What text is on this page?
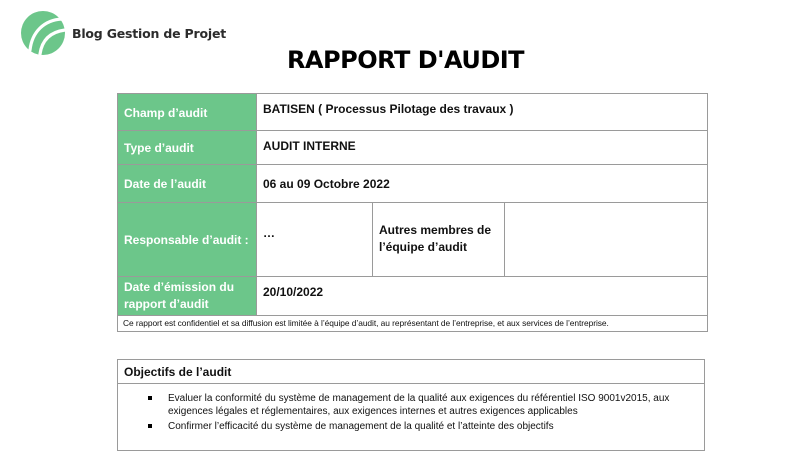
Blog Gestion de Projet
RAPPORT D'AUDIT
Champ d’audit	BATISEN ( Processus Pilotage des travaux )		
Type d’audit	AUDIT INTERNE		
Date de l’audit	06 au 09 Octobre 2022		
Responsable d’audit :	…	Autres membres de l’équipe d’audit	
Date d’émission du rapport d’audit	20/10/2022		
Ce rapport est confidentiel et sa diffusion est limitée à l’équipe d’audit, au représentant de l’entreprise, et aux services de l’entreprise.			
Objectifs de l’audit
Evaluer la conformité du système de management de la qualité aux exigences du référentiel ISO 9001v2015, aux exigences légales et réglementaires, aux exigences internes et autres exigences applicables
Confirmer l’efficacité du système de management de la qualité et l’atteinte des objectifs
